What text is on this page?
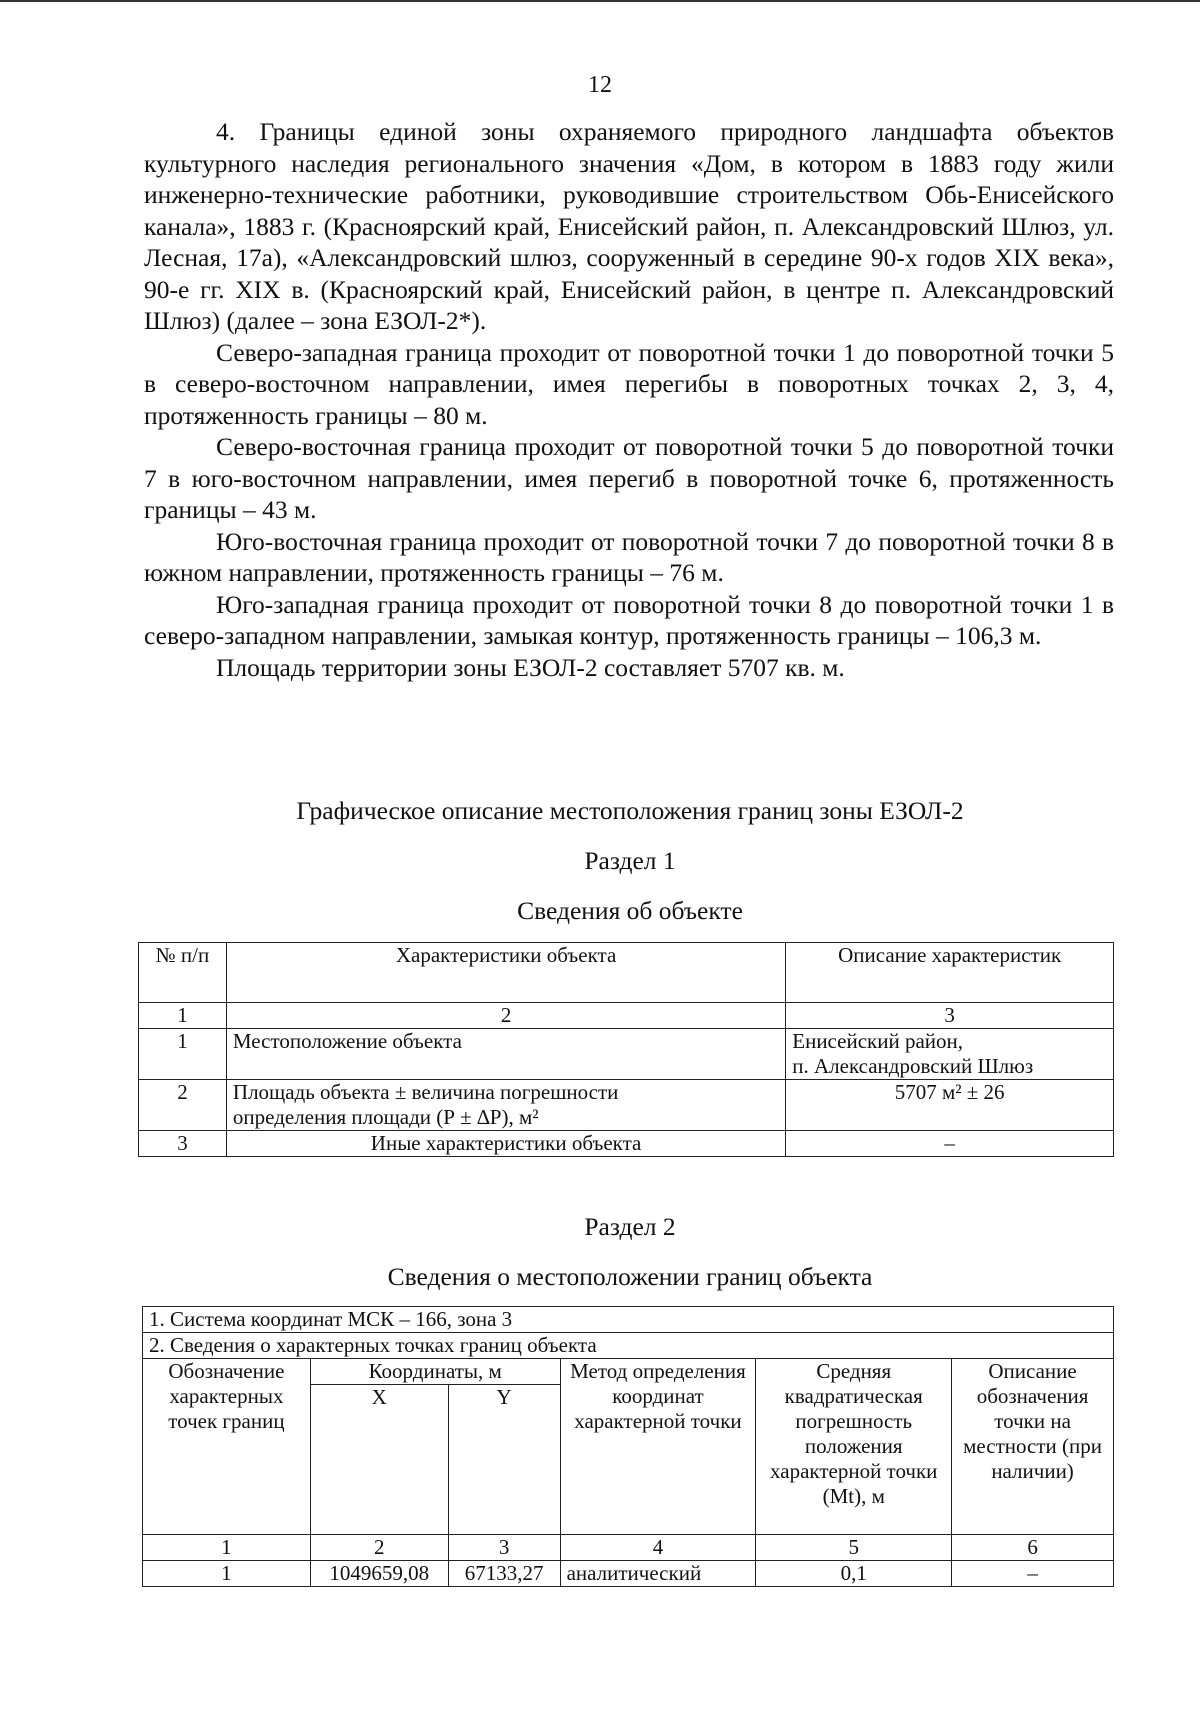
12

4. Границы единой зоны охраняемого природного ландшафта объектов культурного наследия регионального значения «Дом, в котором в 1883 году жили инженерно-технические работники, руководившие строительством Обь-Енисейского канала», 1883 г. (Красноярский край, Енисейский район, п. Александровский Шлюз, ул. Лесная, 17а), «Александровский шлюз, сооруженный в середине 90-х годов XIX века», 90-е гг. XIX в. (Красноярский край, Енисейский район, в центре п. Александровский Шлюз) (далее – зона ЕЗОЛ-2*).

Северо-западная граница проходит от поворотной точки 1 до поворотной точки 5 в северо-восточном направлении, имея перегибы в поворотных точках 2, 3, 4, протяженность границы – 80 м.

Северо-восточная граница проходит от поворотной точки 5 до поворотной точки 7 в юго-восточном направлении, имея перегиб в поворотной точке 6, протяженность границы – 43 м.

Юго-восточная граница проходит от поворотной точки 7 до поворотной точки 8 в южном направлении, протяженность границы – 76 м.

Юго-западная граница проходит от поворотной точки 8 до поворотной точки 1 в северо-западном направлении, замыкая контур, протяженность границы – 106,3 м.

Площадь территории зоны ЕЗОЛ-2 составляет 5707 кв. м.

Графическое описание местоположения границ зоны ЕЗОЛ-2
Раздел 1
Сведения об объекте
№ п/п	Характеристики объекта	Описание характеристик
1	2	3
1	Местоположение объекта	Енисейский район,
п. Александровский Шлюз

2	Площадь объекта ± величина погрешности
определения площади (Р ± ∆Р), м²	5707 м² ± 26
3	Иные характеристики объекта	–
Раздел 2
Сведения о местоположении границ объекта
1. Система координат МСК – 166, зона 3					
2. Сведения о характерных точках границ объекта					
Обозначение характерных точек границ	Координаты, м		Метод определения координат характерной точки	Средняя квадратическая погрешность положения характерной точки (Mt), м	Описание обозначения точки на местности (при наличии)
	X	Y			
1	2	3	4	5	6
1	1049659,08	67133,27	аналитический	0,1	–
